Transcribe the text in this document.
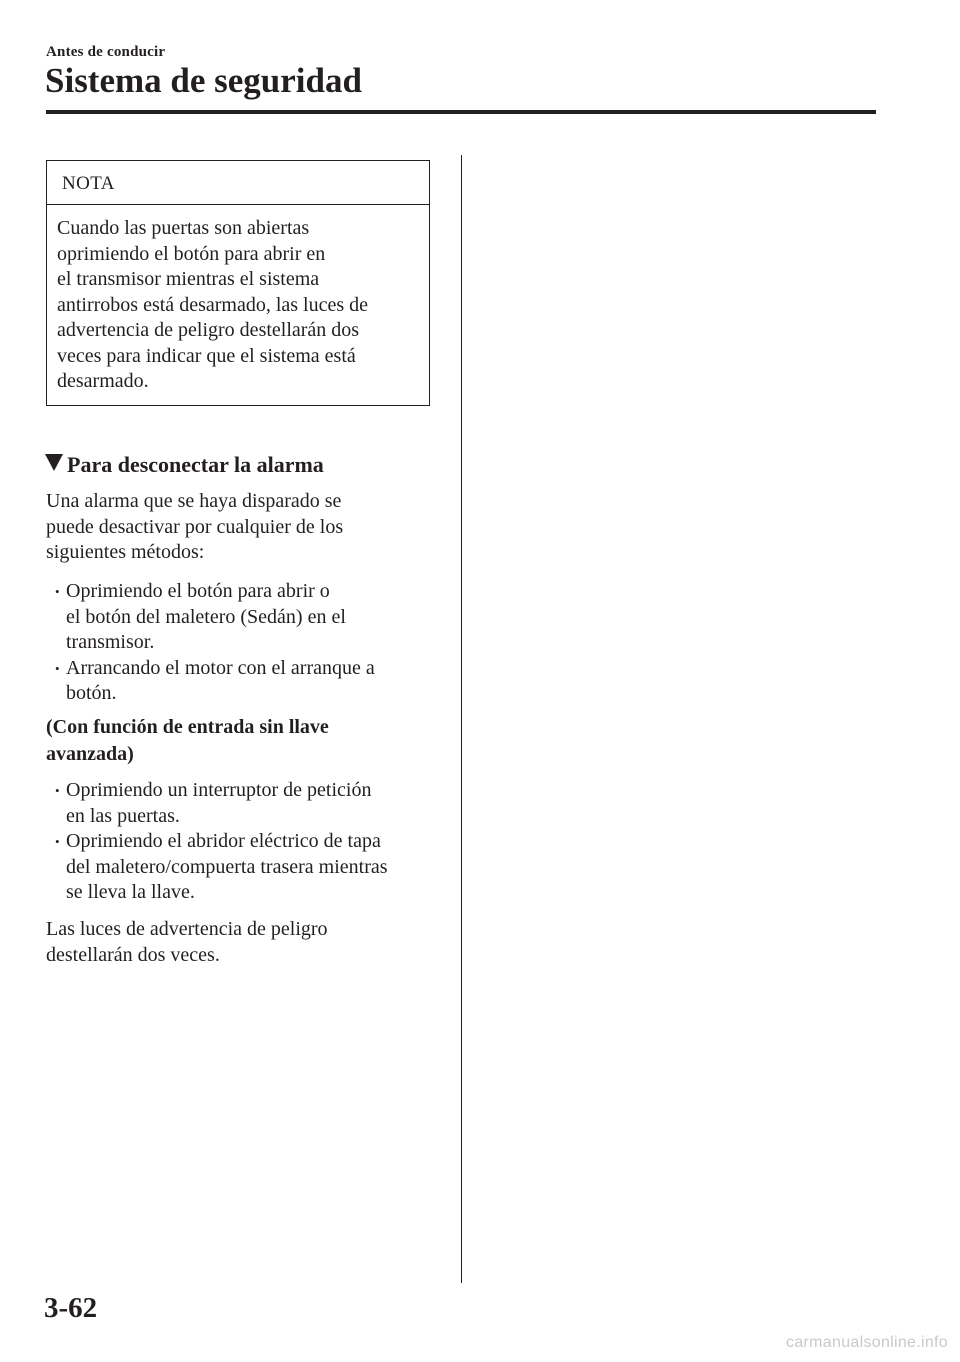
Antes de conducir
Sistema de seguridad
NOTA
Cuando las puertas son abiertas
oprimiendo el botón para abrir en
el transmisor mientras el sistema
antirrobos está desarmado, las luces de
advertencia de peligro destellarán dos
veces para indicar que el sistema está
desarmado.
Para desconectar la alarma
Una alarma que se haya disparado se
puede desactivar por cualquier de los
siguientes métodos:
• Oprimiendo el botón para abrir o
el botón del maletero (Sedán) en el
transmisor.
• Arrancando el motor con el arranque a
botón.
(Con función de entrada sin llave
avanzada)
• Oprimiendo un interruptor de petición
en las puertas.
• Oprimiendo el abridor eléctrico de tapa
del maletero/compuerta trasera mientras
se lleva la llave.
Las luces de advertencia de peligro
destellarán dos veces.
3-62
carmanualsonline.info
